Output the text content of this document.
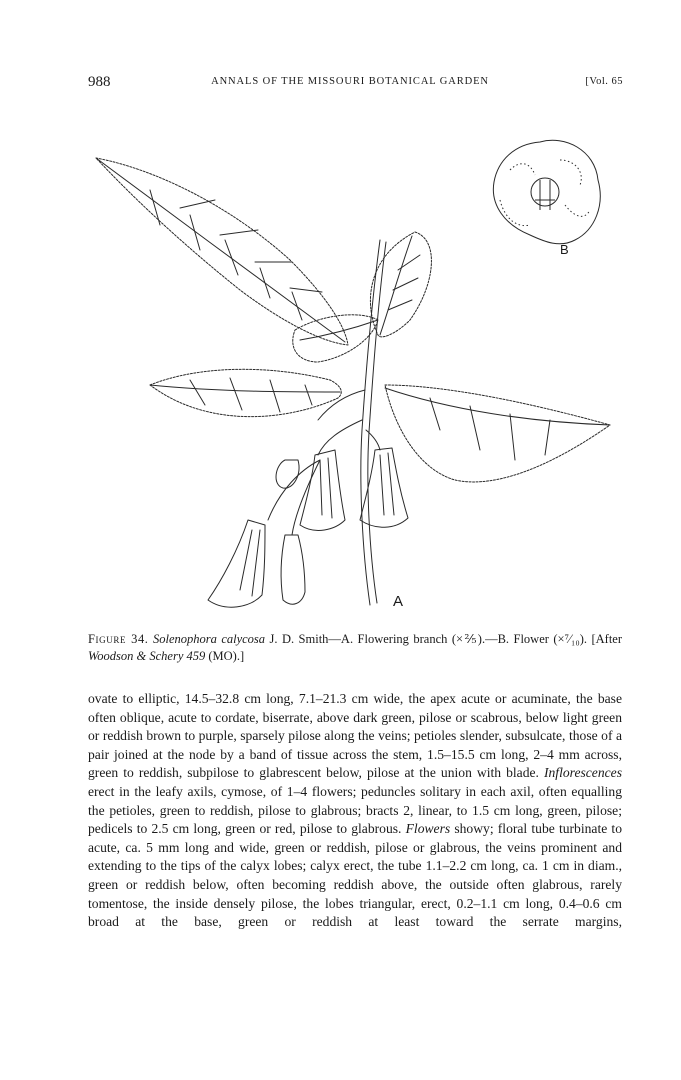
988	ANNALS OF THE MISSOURI BOTANICAL GARDEN	[Vol. 65
A
B
Figure 34. Solenophora calycosa J. D. Smith—A. Flowering branch (×⅖).—B. Flower (×⁷⁄₁₀). [After Woodson & Schery 459 (MO).]

ovate to elliptic, 14.5–32.8 cm long, 7.1–21.3 cm wide, the apex acute or acuminate, the base often oblique, acute to cordate, biserrate, above dark green, pilose or scabrous, below light green or reddish brown to purple, sparsely pilose along the veins; petioles slender, subsulcate, those of a pair joined at the node by a band of tissue across the stem, 1.5–15.5 cm long, 2–4 mm across, green to reddish, subpilose to glabrescent below, pilose at the union with blade. Inflorescences erect in the leafy axils, cymose, of 1–4 flowers; peduncles solitary in each axil, often equalling the petioles, green to reddish, pilose to glabrous; bracts 2, linear, to 1.5 cm long, green, pilose; pedicels to 2.5 cm long, green or red, pilose to glabrous. Flowers showy; floral tube turbinate to acute, ca. 5 mm long and wide, green or reddish, pilose or glabrous, the veins prominent and extending to the tips of the calyx lobes; calyx erect, the tube 1.1–2.2 cm long, ca. 1 cm in diam., green or reddish below, often becoming reddish above, the outside often glabrous, rarely tomentose, the inside densely pilose, the lobes triangular, erect, 0.2–1.1 cm long, 0.4–0.6 cm broad at the base, green or reddish at least toward the serrate margins,
